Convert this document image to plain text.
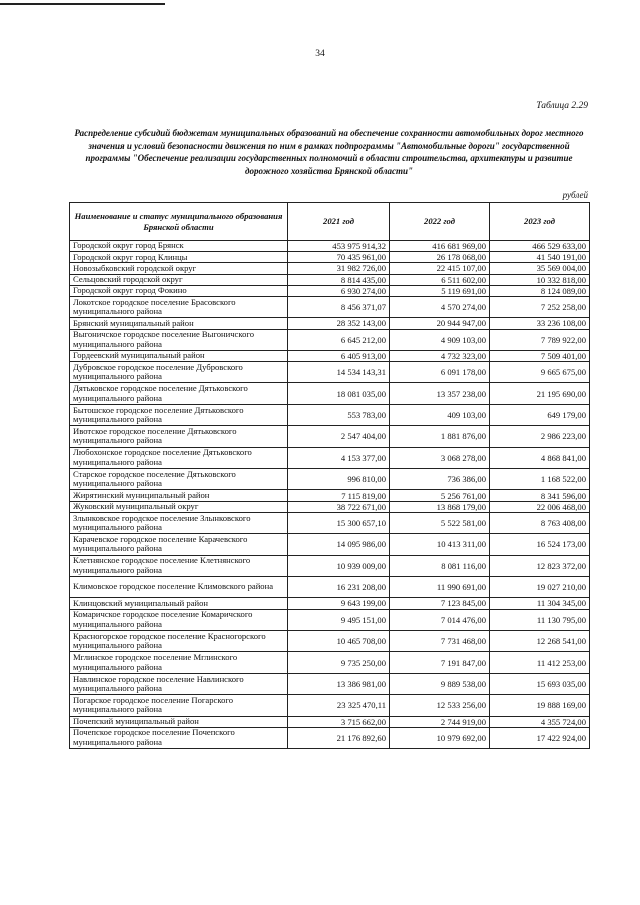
34
Таблица 2.29
Распределение субсидий бюджетам муниципальных образований на обеспечение сохранности автомобильных дорог местного значения и условий безопасности движения по ним в рамках подпрограммы "Автомобильные дороги" государственной программы "Обеспечение реализации государственных полномочий в области строительства, архитектуры и развитие дорожного хозяйства Брянской области"
рублей
Наименование и статус муниципального образования Брянской области	2021 год	2022 год	2023 год
Городской округ город Брянск	453 975 914,32	416 681 969,00	466 529 633,00
Городской округ город Клинцы	70 435 961,00	26 178 068,00	41 540 191,00
Новозыбковский городской округ	31 982 726,00	22 415 107,00	35 569 004,00
Сельцовский городской округ	8 814 435,00	6 511 602,00	10 332 818,00
Городской округ город Фокино	6 930 274,00	5 119 691,00	8 124 089,00
Локотское городское поселение Брасовского муниципального района	8 456 371,07	4 570 274,00	7 252 258,00
Брянский муниципальный район	28 352 143,00	20 944 947,00	33 236 108,00
Выгоничское городское поселение Выгоничского муниципального района	6 645 212,00	4 909 103,00	7 789 922,00
Гордеевский муниципальный район	6 405 913,00	4 732 323,00	7 509 401,00
Дубровское городское поселение Дубровского муниципального района	14 534 143,31	6 091 178,00	9 665 675,00
Дятьковское городское поселение Дятьковского муниципального района	18 081 035,00	13 357 238,00	21 195 690,00
Бытошское городское поселение Дятьковского муниципального района	553 783,00	409 103,00	649 179,00
Ивотское городское поселение Дятьковского муниципального района	2 547 404,00	1 881 876,00	2 986 223,00
Любохонское городское поселение Дятьковского муниципального района	4 153 377,00	3 068 278,00	4 868 841,00
Старское городское поселение Дятьковского муниципального района	996 810,00	736 386,00	1 168 522,00
Жирятинский муниципальный район	7 115 819,00	5 256 761,00	8 341 596,00
Жуковский муниципальный округ	38 722 671,00	13 868 179,00	22 006 468,00
Злынковское городское поселение Злынковского муниципального района	15 300 657,10	5 522 581,00	8 763 408,00
Карачевское городское поселение Карачевского муниципального района	14 095 986,00	10 413 311,00	16 524 173,00
Клетнянское городское поселение Клетнянского муниципального района	10 939 009,00	8 081 116,00	12 823 372,00
Климовское городское поселение Климовского района	16 231 208,00	11 990 691,00	19 027 210,00
Клинцовский муниципальный район	9 643 199,00	7 123 845,00	11 304 345,00
Комаричское городское поселение Комаричского муниципального района	9 495 151,00	7 014 476,00	11 130 795,00
Красногорское городское поселение Красногорского муниципального района	10 465 708,00	7 731 468,00	12 268 541,00
Мглинское городское поселение Мглинского муниципального района	9 735 250,00	7 191 847,00	11 412 253,00
Навлинское городское поселение Навлинского муниципального района	13 386 981,00	9 889 538,00	15 693 035,00
Погарское городское поселение Погарского муниципального района	23 325 470,11	12 533 256,00	19 888 169,00
Почепский муниципальный район	3 715 662,00	2 744 919,00	4 355 724,00
Почепское городское поселение Почепского муниципального района	21 176 892,60	10 979 692,00	17 422 924,00
